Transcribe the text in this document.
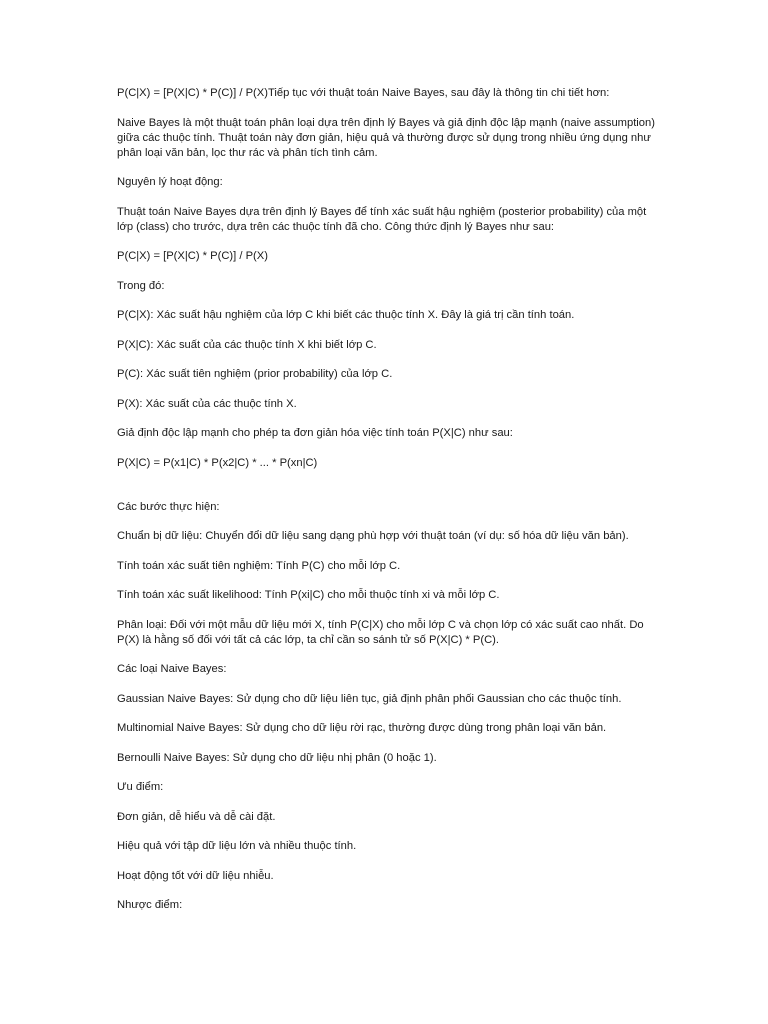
P(C|X) = [P(X|C) * P(C)] / P(X)Tiếp tục với thuật toán Naive Bayes, sau đây là thông tin chi tiết hơn:

Naive Bayes là một thuật toán phân loại dựa trên định lý Bayes và giả định độc lập mạnh (naive assumption) giữa các thuộc tính. Thuật toán này đơn giản, hiệu quả và thường được sử dụng trong nhiều ứng dụng như phân loại văn bản, lọc thư rác và phân tích tình cảm.

Nguyên lý hoạt động:

Thuật toán Naive Bayes dựa trên định lý Bayes để tính xác suất hậu nghiệm (posterior probability) của một lớp (class) cho trước, dựa trên các thuộc tính đã cho. Công thức định lý Bayes như sau:

P(C|X) = [P(X|C) * P(C)] / P(X)

Trong đó:

P(C|X): Xác suất hậu nghiệm của lớp C khi biết các thuộc tính X. Đây là giá trị cần tính toán.

P(X|C): Xác suất của các thuộc tính X khi biết lớp C.

P(C): Xác suất tiên nghiệm (prior probability) của lớp C.

P(X): Xác suất của các thuộc tính X.

Giả định độc lập mạnh cho phép ta đơn giản hóa việc tính toán P(X|C) như sau:

P(X|C) = P(x1|C) * P(x2|C) * ... * P(xn|C)

Các bước thực hiện:

Chuẩn bị dữ liệu: Chuyển đổi dữ liệu sang dạng phù hợp với thuật toán (ví dụ: số hóa dữ liệu văn bản).

Tính toán xác suất tiên nghiệm: Tính P(C) cho mỗi lớp C.

Tính toán xác suất likelihood: Tính P(xi|C) cho mỗi thuộc tính xi và mỗi lớp C.

Phân loại: Đối với một mẫu dữ liệu mới X, tính P(C|X) cho mỗi lớp C và chọn lớp có xác suất cao nhất. Do P(X) là hằng số đối với tất cả các lớp, ta chỉ cần so sánh tử số P(X|C) * P(C).

Các loại Naive Bayes:

Gaussian Naive Bayes: Sử dụng cho dữ liệu liên tục, giả định phân phối Gaussian cho các thuộc tính.

Multinomial Naive Bayes: Sử dụng cho dữ liệu rời rạc, thường được dùng trong phân loại văn bản.

Bernoulli Naive Bayes: Sử dụng cho dữ liệu nhị phân (0 hoặc 1).

Ưu điểm:

Đơn giản, dễ hiểu và dễ cài đặt.

Hiệu quả với tập dữ liệu lớn và nhiều thuộc tính.

Hoạt động tốt với dữ liệu nhiễu.

Nhược điểm:
